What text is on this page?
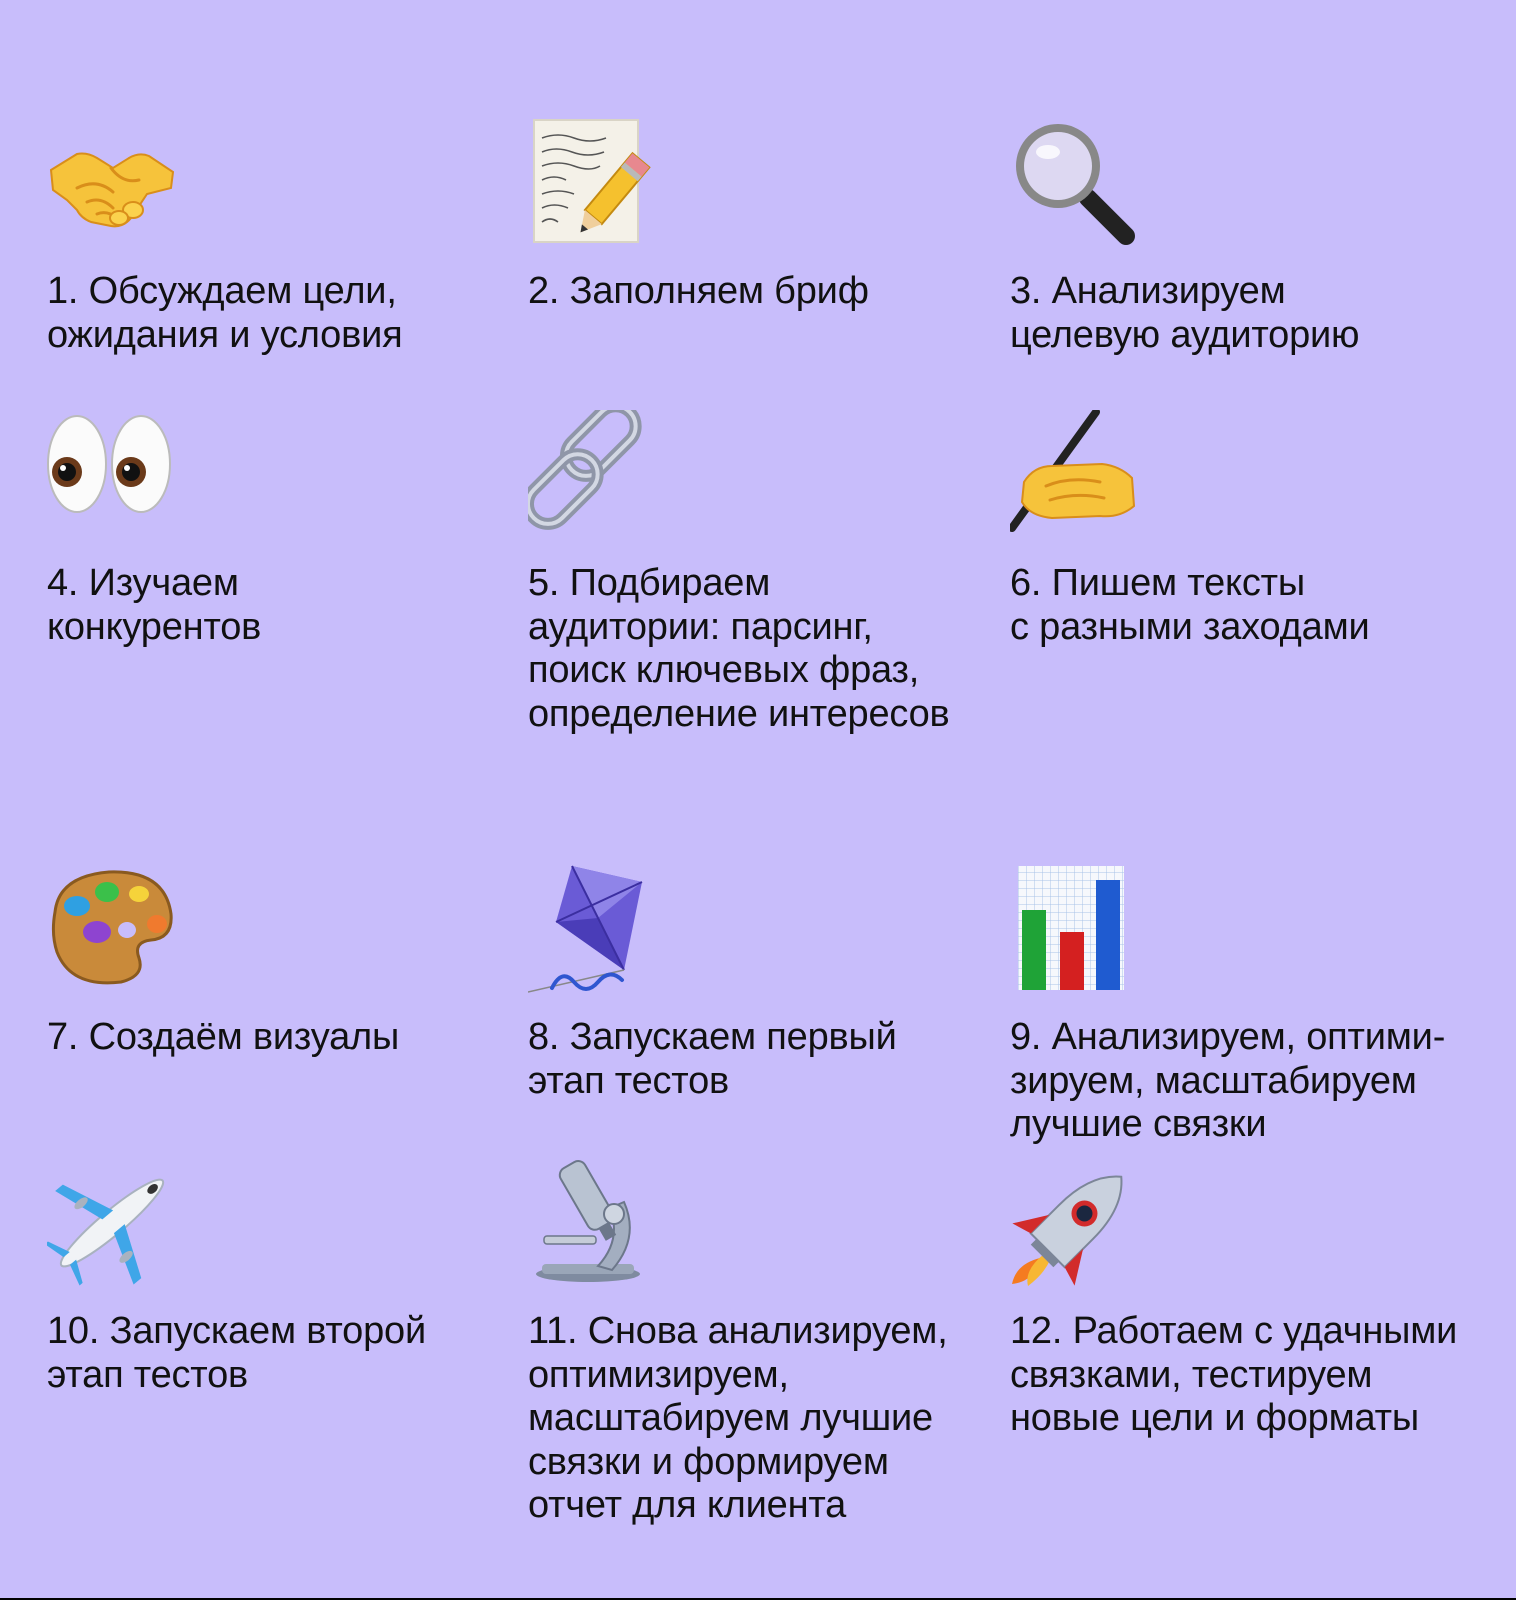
1. Обсуждаем цели,
ожидания и условия

2. Заполняем бриф	3. Анализируем
целевую аудиторию

4. Изучаем
конкурентов

5. Подбираем
аудитории: парсинг,
поиск ключевых фраз,
определение интересов

6. Пишем тексты
с разными заходами

7. Создаём визуалы	8. Запускаем первый
этап тестов

9. Анализируем, оптими-
зируем, масштабируем
лучшие связки

10. Запускаем второй
этап тестов

11. Снова анализируем,
оптимизируем,
масштабируем лучшие
связки и формируем
отчет для клиента

12. Работаем с удачными
связками, тестируем
новые цели и форматы
